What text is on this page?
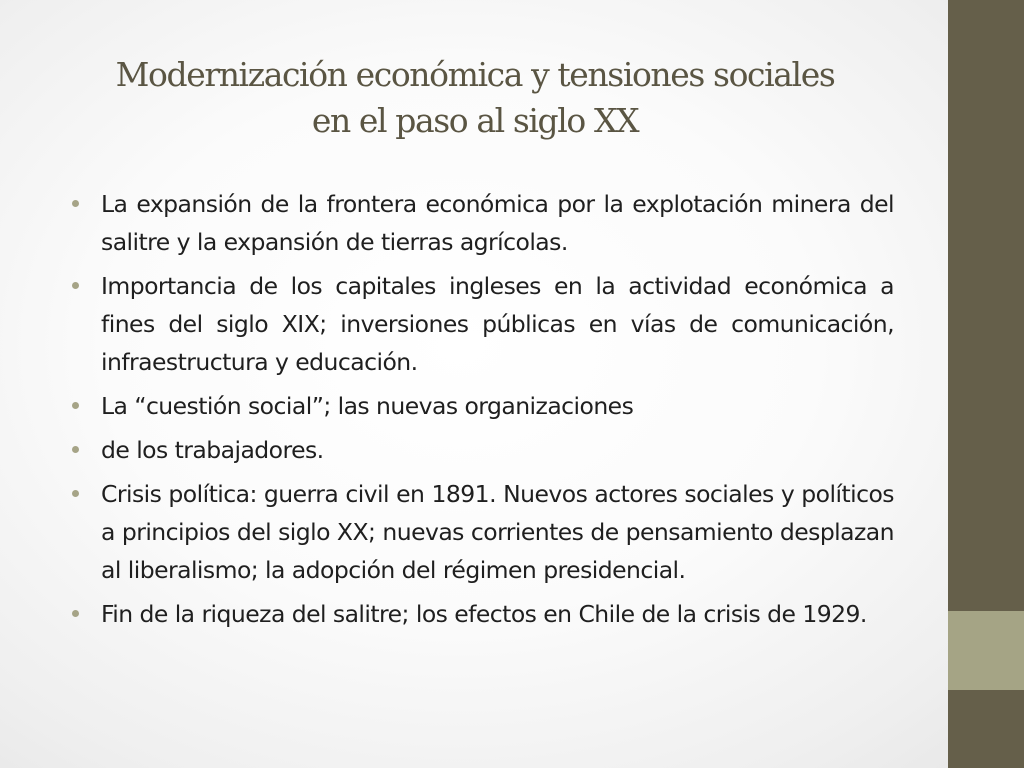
Modernización económica y tensiones sociales
en el paso al siglo XX
La expansión de la frontera económica por la explotación minera del salitre y la expansión de tierras agrícolas.
Importancia de los capitales ingleses en la actividad económica a fines del siglo XIX; inversiones públicas en vías de comunicación, infraestructura y educación.
La “cuestión social”; las nuevas organizaciones
de los trabajadores.
Crisis política: guerra civil en 1891. Nuevos actores sociales y políticos a principios del siglo XX; nuevas corrientes de pensamiento desplazan al liberalismo; la adopción del régimen presidencial.
Fin de la riqueza del salitre; los efectos en Chile de la crisis de 1929.
